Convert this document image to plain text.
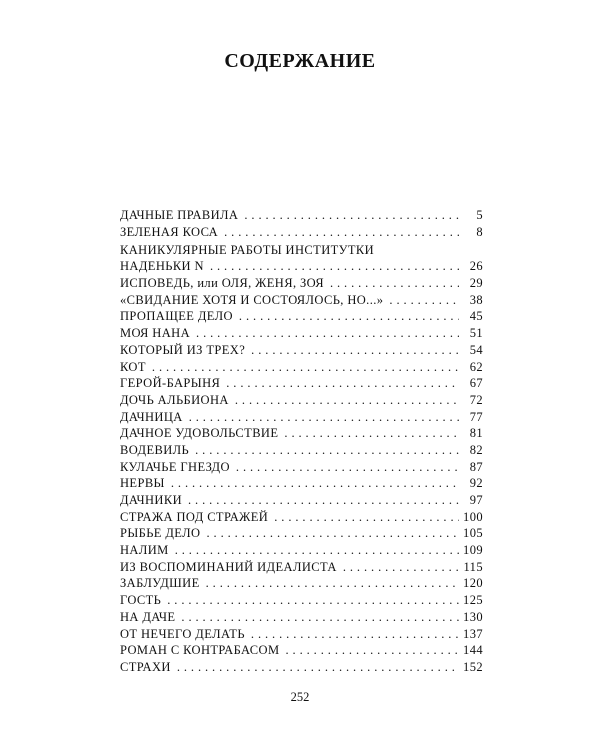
СОДЕРЖАНИЕ
ДАЧНЫЕ ПРАВИЛА . . .	5
ЗЕЛЕНАЯ КОСА . . .	8
КАНИКУЛЯРНЫЕ РАБОТЫ ИНСТИТУТКИ
НАДЕНЬКИ N . . .	26
ИСПОВЕДЬ, или ОЛЯ, ЖЕНЯ, ЗОЯ . . .	29
«СВИДАНИЕ ХОТЯ И СОСТОЯЛОСЬ, НО...» . . .	38
ПРОПАЩЕЕ ДЕЛО . . .	45
МОЯ НАНА . . .	51
КОТОРЫЙ ИЗ ТРЕХ? . . .	54
КОТ . . .	62
ГЕРОЙ-БАРЫНЯ . . .	67
ДОЧЬ АЛЬБИОНА . . .	72
ДАЧНИЦА . . .	77
ДАЧНОЕ УДОВОЛЬСТВИЕ . . .	81
ВОДЕВИЛЬ . . .	82
КУЛАЧЬЕ ГНЕЗДО . . .	87
НЕРВЫ . . .	92
ДАЧНИКИ . . .	97
СТРАЖА ПОД СТРАЖЕЙ . . .	100
РЫБЬЕ ДЕЛО . . .	105
НАЛИМ . . .	109
ИЗ ВОСПОМИНАНИЙ ИДЕАЛИСТА . . .	115
ЗАБЛУДШИЕ . . .	120
ГОСТЬ . . .	125
НА ДАЧЕ . . .	130
ОТ НЕЧЕГО ДЕЛАТЬ . . .	137
РОМАН С КОНТРАБАСОМ . . .	144
СТРАХИ . . .	152
252
